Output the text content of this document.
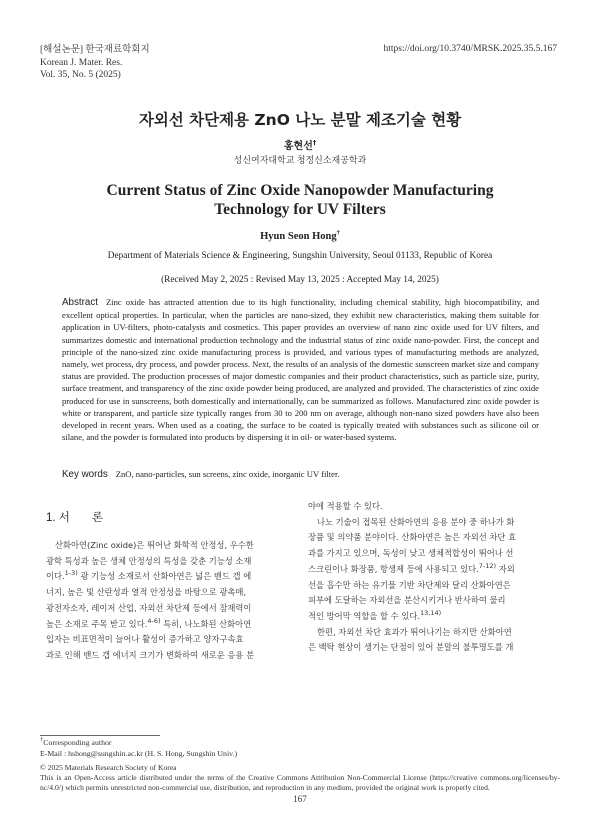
[해설논문] 한국재료학회지
Korean J. Mater. Res.
Vol. 35, No. 5 (2025)
https://doi.org/10.3740/MRSK.2025.35.5.167
자외선 차단제용 ZnO 나노 분말 제조기술 현황
홍현선†
성신여자대학교 청정신소재공학과
Current Status of Zinc Oxide Nanopowder Manufacturing Technology for UV Filters
Hyun Seon Hong†
Department of Materials Science & Engineering, Sungshin University, Seoul 01133, Republic of Korea
(Received May 2, 2025 : Revised May 13, 2025 : Accepted May 14, 2025)

Abstract Zinc oxide has attracted attention due to its high functionality, including chemical stability, high biocompatibility, and excellent optical properties. In particular, when the particles are nano-sized, they exhibit new characteristics, making them suitable for application in UV-filters, photo-catalysts and cosmetics. This paper provides an overview of nano zinc oxide used for UV filters, and summarizes domestic and international production technology and the industrial status of zinc oxide nano-powder. First, the concept and principle of the nano-sized zinc oxide manufacturing process is provided, and various types of manufacturing methods are analyzed, namely, wet process, dry process, and powder process. Next, the results of an analysis of the domestic sunscreen market size and company status are provided. The production processes of major domestic companies and their product characteristics, such as particle size, purity, surface treatment, and transparency of the zinc oxide powder being produced, are analyzed and provided. The characteristics of zinc oxide produced for use in sunscreens, both domestically and internationally, can be summarized as follows. Manufactured zinc oxide powder is white or transparent, and particle size typically ranges from 30 to 200 nm on average, although non-nano sized powders have also been developed in recent years. When used as a coating, the surface to be coated is typically treated with substances such as silicone oil or silane, and the powder is formulated into products by dispersing it in oil- or water-based systems.

Key words ZnO, nano-particles, sun screens, zinc oxide, inorganic UV filter.
1. 서 론
산화아연(Zinc oxide)은 뛰어난 화학적 안정성, 우수한
광학 특성과 높은 생체 안정성의 특성을 갖춘 기능성 소재
이다.$^{1-3)}$ 광 기능성 소재로서 산화아연은 넓은 밴드 갭 에
너지, 높은 빛 산란성과 열적 안정성을 바탕으로 광촉매,
광전자소자, 레이저 산업, 자외선 차단제 등에서 잠재력이
높은 소재로 주목 받고 있다.$^{4-6)}$ 특히, 나노화된 산화아연
입자는 비표면적이 늘어나 활성이 증가하고 양자구속효
과로 인해 밴드 갭 에너지 크기가 변화하여 새로운 응용 분
야에 적용할 수 있다.
나노 기술이 접목된 산화아연의 응용 분야 중 하나가 화
장품 및 의약품 분야이다. 산화아연은 높은 자외선 차단 효
과를 가지고 있으며, 독성이 낮고 생체적합성이 뛰어나 선
스크린이나 화장품, 항생제 등에 사용되고 있다.$^{7-12)}$ 자외
선을 흡수만 하는 유기물 기반 차단제와 달리 산화아연은
피부에 도달하는 자외선을 분산시키거나 반사하여 물리
적인 방어막 역할을 할 수 있다.$^{13,14)}$
한편, 자외선 차단 효과가 뛰어나기는 하지만 산화아연
은 백탁 현상이 생기는 단점이 있어 분말의 불투명도를 개
†Corresponding author
E-Mail : hshong@sungshin.ac.kr (H. S. Hong, Sungshin Univ.)
© 2025 Materials Research Society of Korea
This is an Open-Access article distributed under the terms of the Creative Commons Attribution Non-Commercial License (https://creative commons.org/licenses/by-nc/4.0/) which permits unrestricted non-commercial use, distribution, and reproduction in any medium, provided the original work is properly cited.
167
